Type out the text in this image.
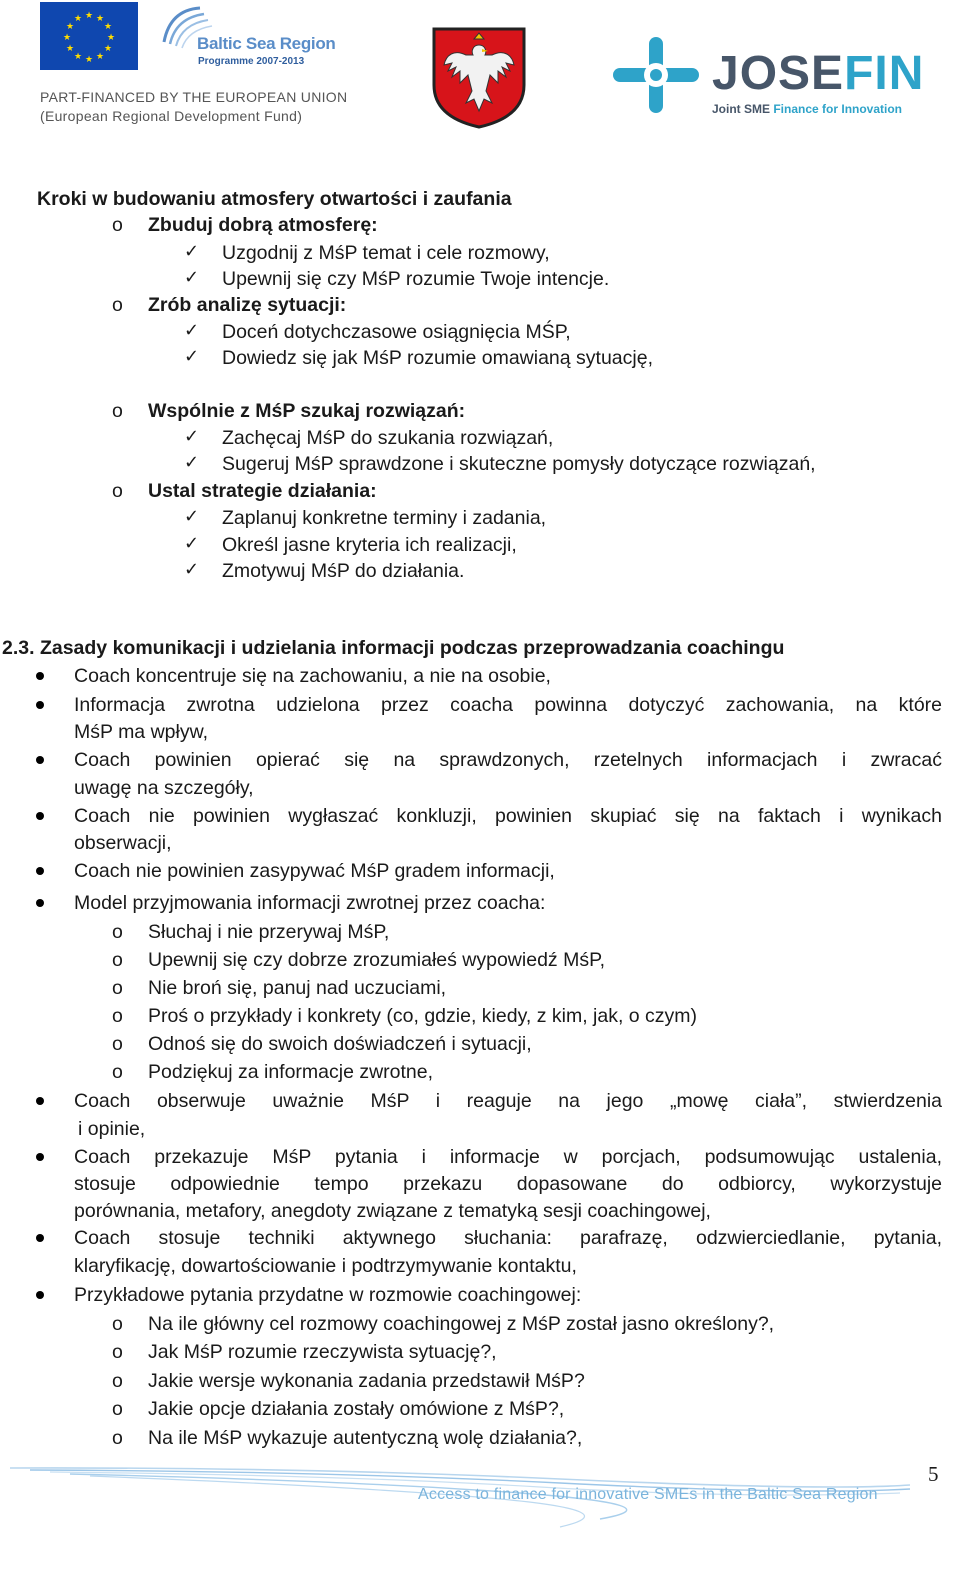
★ ★
★
★
★
★
★
★
★
★
★
★
Baltic Sea Region
Programme 2007-2013
PART-FINANCED BY THE EUROPEAN UNION
(European Regional Development Fund)
JOSEFIN
Joint SME Finance for Innovation
Kroki w budowaniu atmosfery otwartości i zaufania
o Zbuduj dobrą atmosferę:
✓ Uzgodnij z MśP temat i cele rozmowy,
✓ Upewnij się czy MśP rozumie Twoje intencje.
o Zrób analizę sytuacji:
✓ Doceń dotychczasowe osiągnięcia MŚP,
✓ Dowiedz się jak MśP rozumie omawianą sytuację,
o Wspólnie z MśP szukaj rozwiązań:
✓ Zachęcaj MśP do szukania rozwiązań,
✓ Sugeruj MśP sprawdzone i skuteczne pomysły dotyczące rozwiązań,
o Ustal strategie działania:
✓ Zaplanuj konkretne terminy i zadania,
✓ Określ jasne kryteria ich realizacji,
✓ Zmotywuj MśP do działania.
2.3. Zasady komunikacji i udzielania informacji podczas przeprowadzania coachingu
Coach koncentruje się na zachowaniu, a nie na osobie,
Informacja zwrotna udzielona przez coacha powinna dotyczyć zachowania, na które
MśP ma wpływ,
Coach powinien opierać się na sprawdzonych, rzetelnych informacjach i zwracać
uwagę na szczegóły,
Coach nie powinien wygłaszać konkluzji, powinien skupiać się na faktach i wynikach
obserwacji,
Coach nie powinien zasypywać MśP gradem informacji,
Model przyjmowania informacji zwrotnej przez coacha:
o Słuchaj i nie przerywaj MśP,
o Upewnij się czy dobrze zrozumiałeś wypowiedź MśP,
o Nie broń się, panuj nad uczuciami,
o Proś o przykłady i konkrety (co, gdzie, kiedy, z kim, jak, o czym)
o Odnoś się do swoich doświadczeń i sytuacji,
o Podziękuj za informacje zwrotne,
Coach obserwuje uważnie MśP i reaguje na jego „mowę ciała”, stwierdzenia
i opinie,
Coach przekazuje MśP pytania i informacje w porcjach, podsumowując ustalenia,
stosuje odpowiednie tempo przekazu dopasowane do odbiorcy, wykorzystuje
porównania, metafory, anegdoty związane z tematyką sesji coachingowej,
Coach stosuje techniki aktywnego słuchania: parafrazę, odzwierciedlanie, pytania,
klaryfikację, dowartościowanie i podtrzymywanie kontaktu,
Przykładowe pytania przydatne w rozmowie coachingowej:
o Na ile główny cel rozmowy coachingowej z MśP został jasno określony?,
o Jak MśP rozumie rzeczywista sytuację?,
o Jakie wersje wykonania zadania przedstawił MśP?
o Jakie opcje działania zostały omówione z MśP?,
o Na ile MśP wykazuje autentyczną wolę działania?,
5
Access to finance for innovative SMEs in the Baltic Sea Region
